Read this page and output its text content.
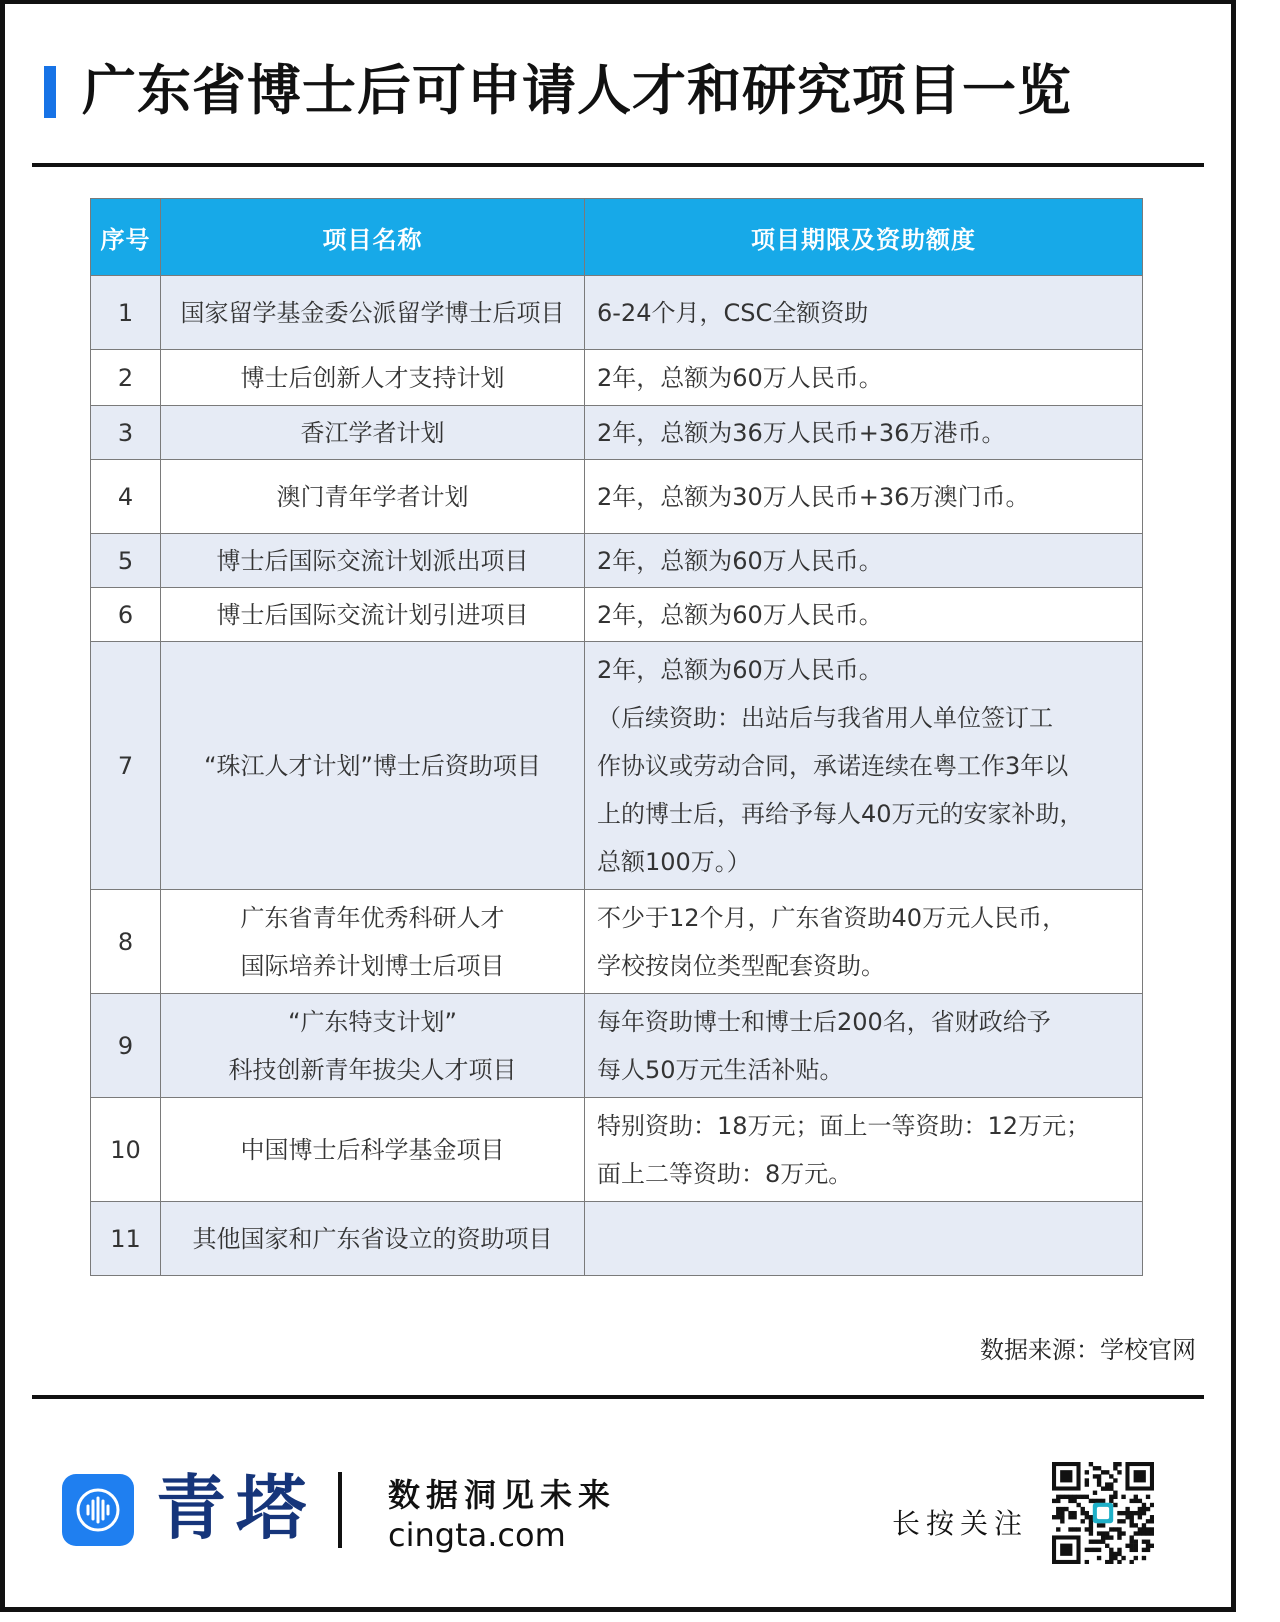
广东省博士后可申请人才和研究项目一览
序号	项目名称	项目期限及资助额度
1	国家留学基金委公派留学博士后项目	6-24个月，CSC全额资助
2	博士后创新人才支持计划	2年，总额为60万人民币。
3	香江学者计划	2年，总额为36万人民币+36万港币。
4	澳门青年学者计划	2年，总额为30万人民币+36万澳门币。
5	博士后国际交流计划派出项目	2年，总额为60万人民币。
6	博士后国际交流计划引进项目	2年，总额为60万人民币。
7	“珠江人才计划”博士后资助项目	2年，总额为60万人民币。
（后续资助：出站后与我省用人单位签订工
作协议或劳动合同，承诺连续在粤工作3年以
上的博士后，再给予每人40万元的安家补助，
总额100万。）

8	广东省青年优秀科研人才
国际培养计划博士后项目	不少于12个月，广东省资助40万元人民币，
学校按岗位类型配套资助。

9	“广东特支计划”
科技创新青年拔尖人才项目	每年资助博士和博士后200名，省财政给予
每人50万元生活补贴。

10	中国博士后科学基金项目	特别资助：18万元；面上一等资助：12万元；
面上二等资助：8万元。

11	其他国家和广东省设立的资助项目	
数据来源：学校官网
青塔 数据洞见未来
cingta.com	长按关注
